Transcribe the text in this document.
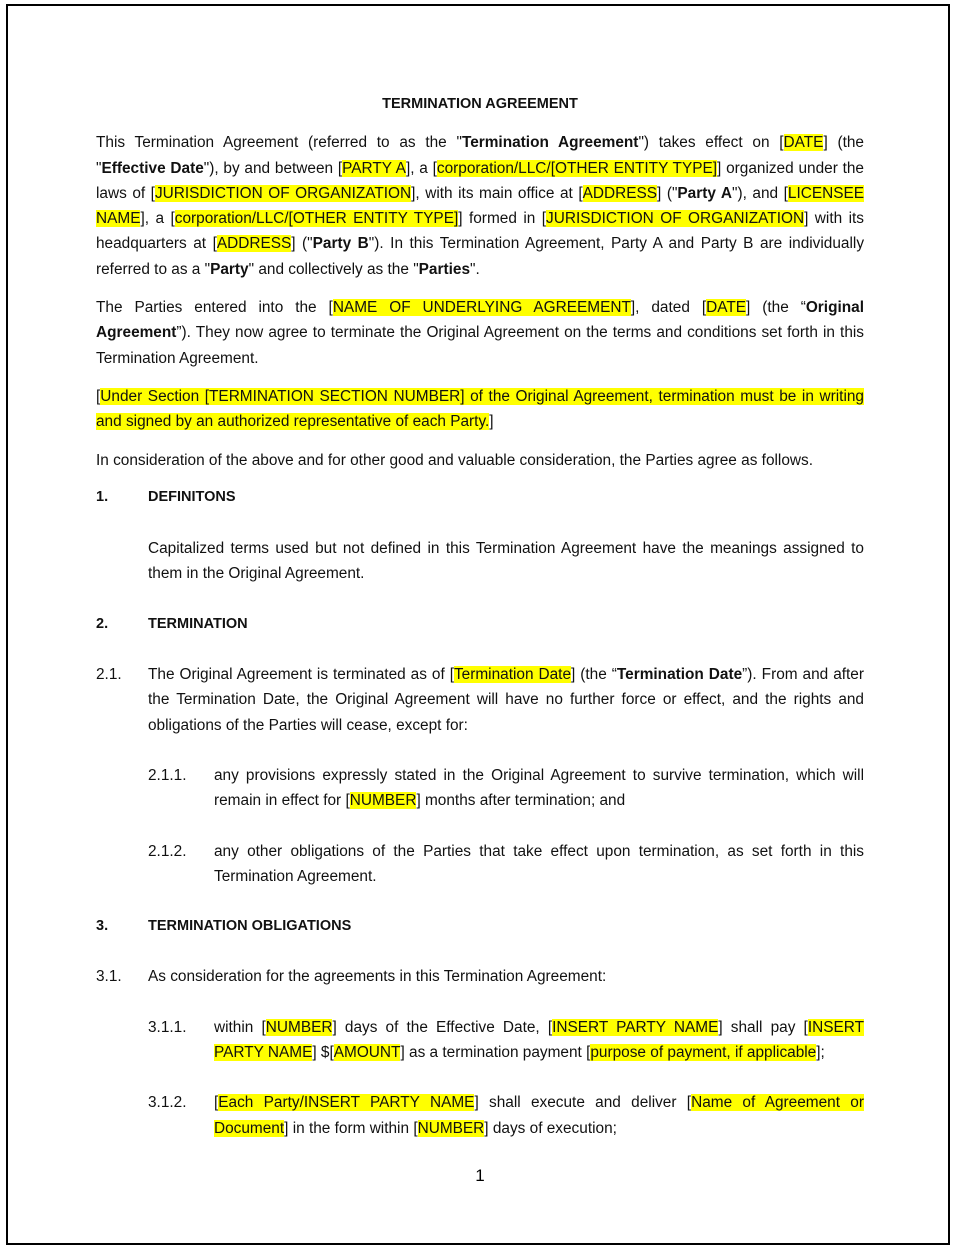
TERMINATION AGREEMENT

This Termination Agreement (referred to as the "Termination Agreement") takes effect on [DATE] (the "Effective Date"), by and between [PARTY A], a [corporation/LLC/[OTHER ENTITY TYPE]] organized under the laws of [JURISDICTION OF ORGANIZATION], with its main office at [ADDRESS] ("Party A"), and [LICENSEE NAME], a [corporation/LLC/[OTHER ENTITY TYPE]] formed in [JURISDICTION OF ORGANIZATION] with its headquarters at [ADDRESS] ("Party B"). In this Termination Agreement, Party A and Party B are individually referred to as a "Party" and collectively as the "Parties".

The Parties entered into the [NAME OF UNDERLYING AGREEMENT], dated [DATE] (the “Original Agreement”). They now agree to terminate the Original Agreement on the terms and conditions set forth in this Termination Agreement.

[Under Section [TERMINATION SECTION NUMBER] of the Original Agreement, termination must be in writing and signed by an authorized representative of each Party.]

In consideration of the above and for other good and valuable consideration, the Parties agree as follows.

1.	DEFINITONS
Capitalized terms used but not defined in this Termination Agreement have the meanings assigned to them in the Original Agreement.
2.	TERMINATION
2.1. The Original Agreement is terminated as of [Termination Date] (the “Termination Date”). From and after the Termination Date, the Original Agreement will have no further force or effect, and the rights and obligations of the Parties will cease, except for:
2.1.1. any provisions expressly stated in the Original Agreement to survive termination, which will remain in effect for [NUMBER] months after termination; and
2.1.2. any other obligations of the Parties that take effect upon termination, as set forth in this Termination Agreement.
3.	TERMINATION OBLIGATIONS
3.1. As consideration for the agreements in this Termination Agreement:
3.1.1. within [NUMBER] days of the Effective Date, [INSERT PARTY NAME] shall pay [INSERT PARTY NAME] $[AMOUNT] as a termination payment [purpose of payment, if applicable];
3.1.2. [Each Party/INSERT PARTY NAME] shall execute and deliver [Name of Agreement or Document] in the form within [NUMBER] days of execution;
1
